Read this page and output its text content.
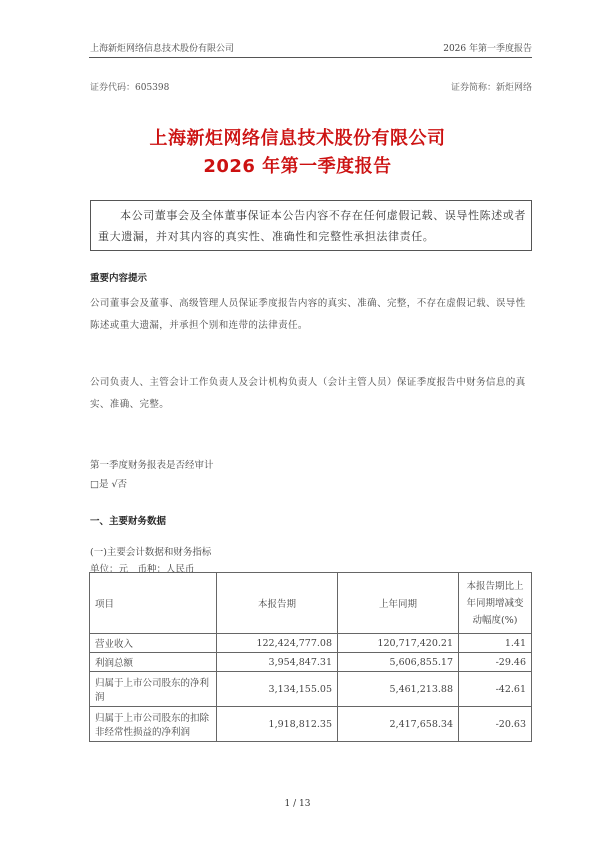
上海新炬网络信息技术股份有限公司	2026 年第一季度报告
证券代码：605398	证券简称：新炬网络
上海新炬网络信息技术股份有限公司
2026 年第一季度报告
本公司董事会及全体董事保证本公告内容不存在任何虚假记载、误导性陈述或者重大遗漏，并对其内容的真实性、准确性和完整性承担法律责任。
重要内容提示
公司董事会及董事、高级管理人员保证季度报告内容的真实、准确、完整，不存在虚假记载、误导性陈述或重大遗漏，并承担个别和连带的法律责任。
公司负责人、主管会计工作负责人及会计机构负责人（会计主管人员）保证季度报告中财务信息的真实、准确、完整。
第一季度财务报表是否经审计
□是 √否
一、主要财务数据
(一)主要会计数据和财务指标
单位：元　币种：人民币
项目	本报告期	上年同期	本报告期比上年同期增减变动幅度(%)
营业收入	122,424,777.08	120,717,420.21	1.41
利润总额	3,954,847.31	5,606,855.17	-29.46
归属于上市公司股东的净利润	3,134,155.05	5,461,213.88	-42.61
归属于上市公司股东的扣除非经常性损益的净利润	1,918,812.35	2,417,658.34	-20.63
1 / 13
